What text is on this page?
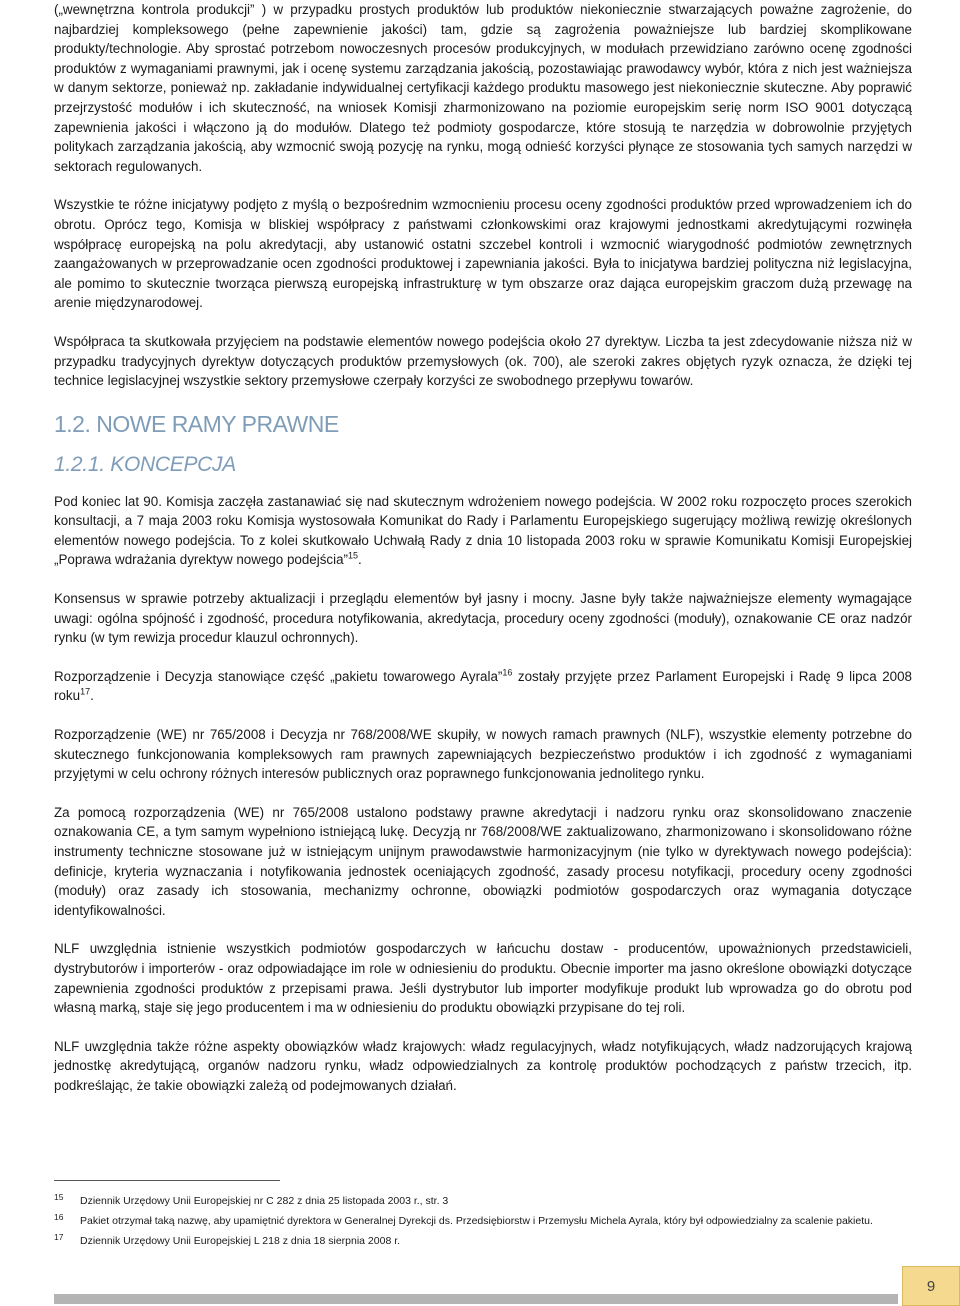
(„wewnętrzna kontrola produkcji” ) w przypadku prostych produktów lub produktów niekoniecznie stwarzających poważne zagrożenie, do najbardziej kompleksowego (pełne zapewnienie jakości) tam, gdzie są zagrożenia poważniejsze lub bardziej skomplikowane produkty/technologie. Aby sprostać potrzebom nowoczesnych procesów produkcyjnych, w modułach przewidziano zarówno ocenę zgodności produktów z wymaganiami prawnymi, jak i ocenę systemu zarządzania jakością, pozostawiając prawodawcy wybór, która z nich jest ważniejsza w danym sektorze, ponieważ np. zakładanie indywidualnej certyfikacji każdego produktu masowego jest niekoniecznie skuteczne. Aby poprawić przejrzystość modułów i ich skuteczność, na wniosek Komisji zharmonizowano na poziomie europejskim serię norm ISO 9001 dotyczącą zapewnienia jakości i włączono ją do modułów. Dlatego też podmioty gospodarcze, które stosują te narzędzia w dobrowolnie przyjętych politykach zarządzania jakością, aby wzmocnić swoją pozycję na rynku, mogą odnieść korzyści płynące ze stosowania tych samych narzędzi w sektorach regulowanych.

Wszystkie te różne inicjatywy podjęto z myślą o bezpośrednim wzmocnieniu procesu oceny zgodności produktów przed wprowadzeniem ich do obrotu. Oprócz tego, Komisja w bliskiej współpracy z państwami członkowskimi oraz krajowymi jednostkami akredytującymi rozwinęła współpracę europejską na polu akredytacji, aby ustanowić ostatni szczebel kontroli i wzmocnić wiarygodność podmiotów zewnętrznych zaangażowanych w przeprowadzanie ocen zgodności produktowej i zapewniania jakości. Była to inicjatywa bardziej polityczna niż legislacyjna, ale pomimo to skutecznie tworząca pierwszą europejską infrastrukturę w tym obszarze oraz dająca europejskim graczom dużą przewagę na arenie międzynarodowej.

Współpraca ta skutkowała przyjęciem na podstawie elementów nowego podejścia około 27 dyrektyw. Liczba ta jest zdecydowanie niższa niż w przypadku tradycyjnych dyrektyw dotyczących produktów przemysłowych (ok. 700), ale szeroki zakres objętych ryzyk oznacza, że dzięki tej technice legislacyjnej wszystkie sektory przemysłowe czerpały korzyści ze swobodnego przepływu towarów.

1.2. NOWE RAMY PRAWNE
1.2.1. KONCEPCJA

Pod koniec lat 90. Komisja zaczęła zastanawiać się nad skutecznym wdrożeniem nowego podejścia. W 2002 roku rozpoczęto proces szerokich konsultacji, a 7 maja 2003 roku Komisja wystosowała Komunikat do Rady i Parlamentu Europejskiego sugerujący możliwą rewizję określonych elementów nowego podejścia. To z kolei skutkowało Uchwałą Rady z dnia 10 listopada 2003 roku w sprawie Komunikatu Komisji Europejskiej „Poprawa wdrażania dyrektyw nowego podejścia”$^{15}$.

Konsensus w sprawie potrzeby aktualizacji i przeglądu elementów był jasny i mocny. Jasne były także najważniejsze elementy wymagające uwagi: ogólna spójność i zgodność, procedura notyfikowania, akredytacja, procedury oceny zgodności (moduły), oznakowanie CE oraz nadzór rynku (w tym rewizja procedur klauzul ochronnych).

Rozporządzenie i Decyzja stanowiące część „pakietu towarowego Ayrala”$^{16}$ zostały przyjęte przez Parlament Europejski i Radę 9 lipca 2008 roku$^{17}$.

Rozporządzenie (WE) nr 765/2008 i Decyzja nr 768/2008/WE skupiły, w nowych ramach prawnych (NLF), wszystkie elementy potrzebne do skutecznego funkcjonowania kompleksowych ram prawnych zapewniających bezpieczeństwo produktów i ich zgodność z wymaganiami przyjętymi w celu ochrony różnych interesów publicznych oraz poprawnego funkcjonowania jednolitego rynku.

Za pomocą rozporządzenia (WE) nr 765/2008 ustalono podstawy prawne akredytacji i nadzoru rynku oraz skonsolidowano znaczenie oznakowania CE, a tym samym wypełniono istniejącą lukę. Decyzją nr 768/2008/WE zaktualizowano, zharmonizowano i skonsolidowano różne instrumenty techniczne stosowane już w istniejącym unijnym prawodawstwie harmonizacyjnym (nie tylko w dyrektywach nowego podejścia): definicje, kryteria wyznaczania i notyfikowania jednostek oceniających zgodność, zasady procesu notyfikacji, procedury oceny zgodności (moduły) oraz zasady ich stosowania, mechanizmy ochronne, obowiązki podmiotów gospodarczych oraz wymagania dotyczące identyfikowalności.

NLF uwzględnia istnienie wszystkich podmiotów gospodarczych w łańcuchu dostaw - producentów, upoważnionych przedstawicieli, dystrybutorów i importerów - oraz odpowiadające im role w odniesieniu do produktu. Obecnie importer ma jasno określone obowiązki dotyczące zapewnienia zgodności produktów z przepisami prawa. Jeśli dystrybutor lub importer modyfikuje produkt lub wprowadza go do obrotu pod własną marką, staje się jego producentem i ma w odniesieniu do produktu obowiązki przypisane do tej roli.

NLF uwzględnia także różne aspekty obowiązków władz krajowych: władz regulacyjnych, władz notyfikujących, władz nadzorujących krajową jednostkę akredytującą, organów nadzoru rynku, władz odpowiedzialnych za kontrolę produktów pochodzących z państw trzecich, itp. podkreślając, że takie obowiązki zależą od podejmowanych działań.

15 Dziennik Urzędowy Unii Europejskiej nr C 282 z dnia 25 listopada 2003 r., str. 3
16 Pakiet otrzymał taką nazwę, aby upamiętnić dyrektora w Generalnej Dyrekcji ds. Przedsiębiorstw i Przemysłu Michela Ayrala, który był odpowiedzialny za scalenie pakietu.
17 Dziennik Urzędowy Unii Europejskiej L 218 z dnia 18 sierpnia 2008 r.
9
